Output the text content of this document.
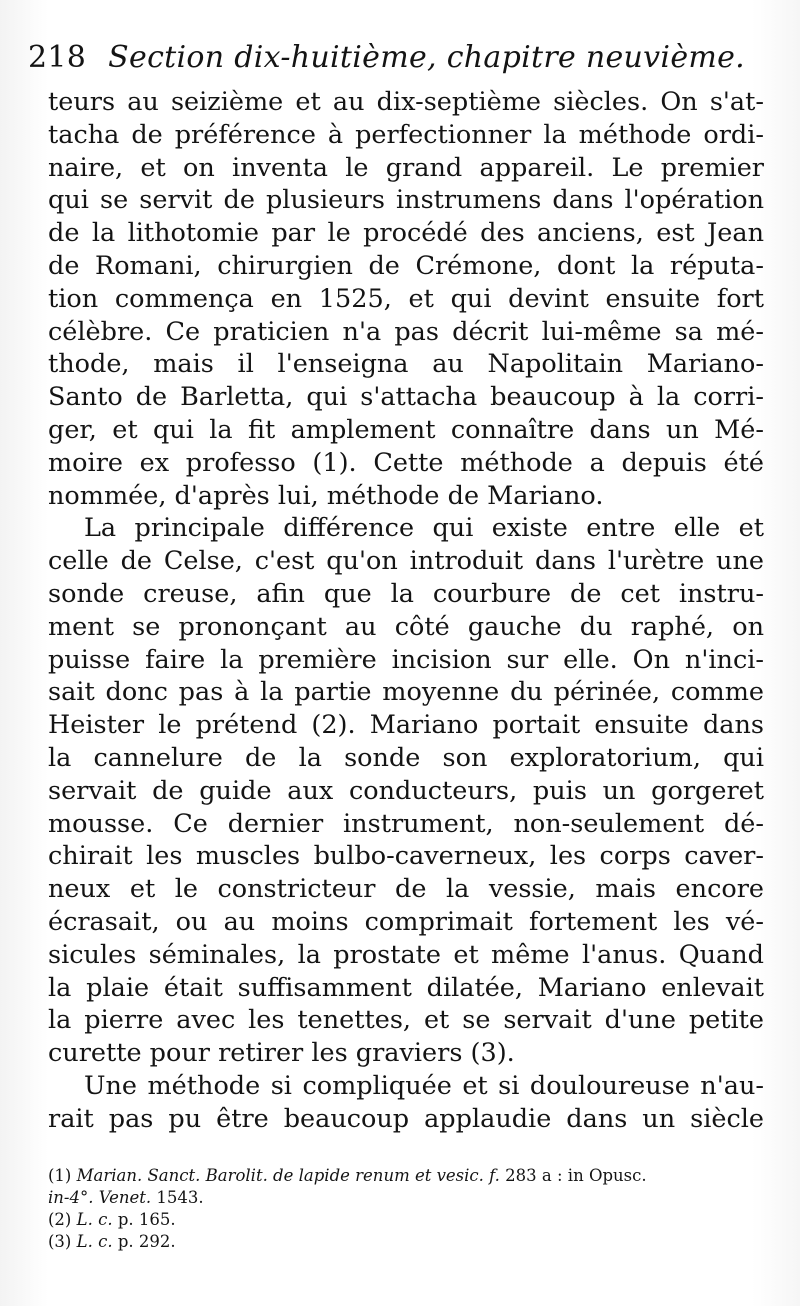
218 Section dix-huitième, chapitre neuvième.
teurs au seizième et au dix-septième siècles. On s'at-
tacha de préférence à perfectionner la méthode ordi-
naire, et on inventa le grand appareil. Le premier
qui se servit de plusieurs instrumens dans l'opération
de la lithotomie par le procédé des anciens, est Jean
de Romani, chirurgien de Crémone, dont la réputa-
tion commença en 1525, et qui devint ensuite fort
célèbre. Ce praticien n'a pas décrit lui-même sa mé-
thode, mais il l'enseigna au Napolitain Mariano-
Santo de Barletta, qui s'attacha beaucoup à la corri-
ger, et qui la fit amplement connaître dans un Mé-
moire ex professo (1). Cette méthode a depuis été
nommée, d'après lui, méthode de Mariano.
La principale différence qui existe entre elle et
celle de Celse, c'est qu'on introduit dans l'urètre une
sonde creuse, afin que la courbure de cet instru-
ment se prononçant au côté gauche du raphé, on
puisse faire la première incision sur elle. On n'inci-
sait donc pas à la partie moyenne du périnée, comme
Heister le prétend (2). Mariano portait ensuite dans
la cannelure de la sonde son exploratorium, qui
servait de guide aux conducteurs, puis un gorgeret
mousse. Ce dernier instrument, non-seulement dé-
chirait les muscles bulbo-caverneux, les corps caver-
neux et le constricteur de la vessie, mais encore
écrasait, ou au moins comprimait fortement les vé-
sicules séminales, la prostate et même l'anus. Quand
la plaie était suffisamment dilatée, Mariano enlevait
la pierre avec les tenettes, et se servait d'une petite
curette pour retirer les graviers (3).
Une méthode si compliquée et si douloureuse n'au-
rait pas pu être beaucoup applaudie dans un siècle
(1) Marian. Sanct. Barolit. de lapide renum et vesic. f. 283 a : in Opusc.
in-4°. Venet. 1543.
(2) L. c. p. 165.
(3) L. c. p. 292.
